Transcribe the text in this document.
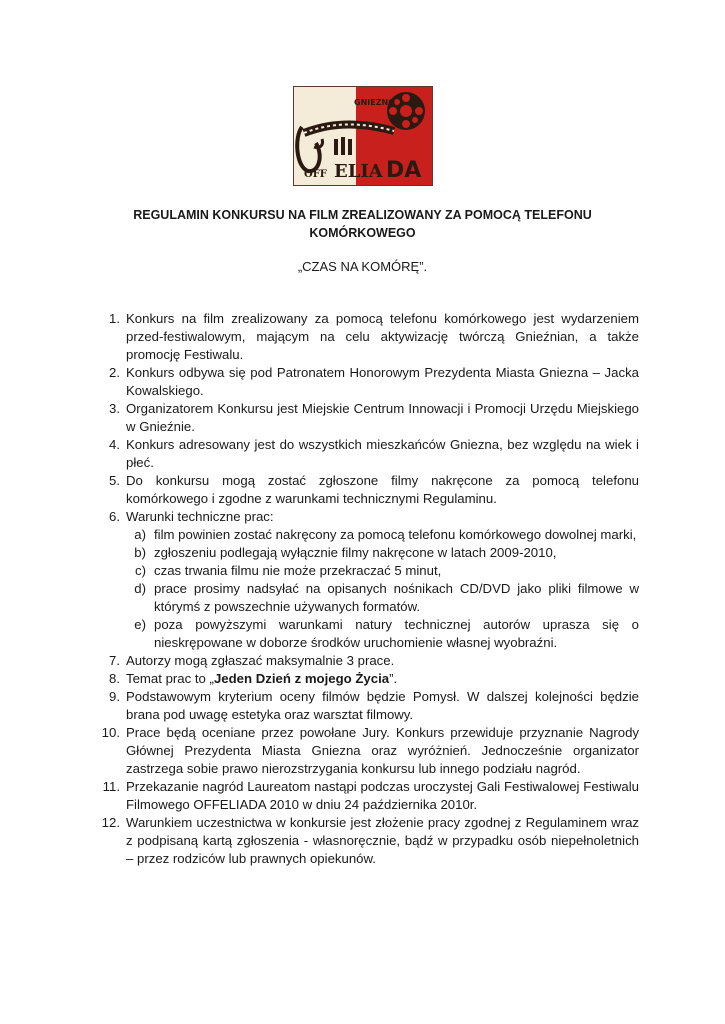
GNIEZNO
OFF ELIA DA
REGULAMIN KONKURSU NA FILM ZREALIZOWANY ZA POMOCĄ TELEFONU KOMÓRKOWEGO
„CZAS NA KOMÓRĘ”.
1. Konkurs na film zrealizowany za pomocą telefonu komórkowego jest wydarzeniem przed-festiwalowym, mającym na celu aktywizację twórczą Gnieźnian, a także promocję Festiwalu.
2. Konkurs odbywa się pod Patronatem Honorowym Prezydenta Miasta Gniezna – Jacka Kowalskiego.
3. Organizatorem Konkursu jest Miejskie Centrum Innowacji i Promocji Urzędu Miejskiego w Gnieźnie.
4. Konkurs adresowany jest do wszystkich mieszkańców Gniezna, bez względu na wiek i płeć.
5. Do konkursu mogą zostać zgłoszone filmy nakręcone za pomocą telefonu komórkowego i zgodne z warunkami technicznymi Regulaminu.
6. Warunki techniczne prac:
a) film powinien zostać nakręcony za pomocą telefonu komórkowego dowolnej marki,
b) zgłoszeniu podlegają wyłącznie filmy nakręcone w latach 2009-2010,
c) czas trwania filmu nie może przekraczać 5 minut,
d) prace prosimy nadsyłać na opisanych nośnikach CD/DVD jako pliki filmowe w którymś z powszechnie używanych formatów.
e) poza powyższymi warunkami natury technicznej autorów uprasza się o nieskrępowane w doborze środków uruchomienie własnej wyobraźni.
7. Autorzy mogą zgłaszać maksymalnie 3 prace.
8. Temat prac to „Jeden Dzień z mojego Życia”.
9. Podstawowym kryterium oceny filmów będzie Pomysł. W dalszej kolejności będzie brana pod uwagę estetyka oraz warsztat filmowy.
10. Prace będą oceniane przez powołane Jury. Konkurs przewiduje przyznanie Nagrody Głównej Prezydenta Miasta Gniezna oraz wyróżnień. Jednocześnie organizator zastrzega sobie prawo nierozstrzygania konkursu lub innego podziału nagród.
11. Przekazanie nagród Laureatom nastąpi podczas uroczystej Gali Festiwalowej Festiwalu Filmowego OFFELIADA 2010 w dniu 24 października 2010r.
12. Warunkiem uczestnictwa w konkursie jest złożenie pracy zgodnej z Regulaminem wraz z podpisaną kartą zgłoszenia - własnoręcznie, bądź w przypadku osób niepełnoletnich – przez rodziców lub prawnych opiekunów.
